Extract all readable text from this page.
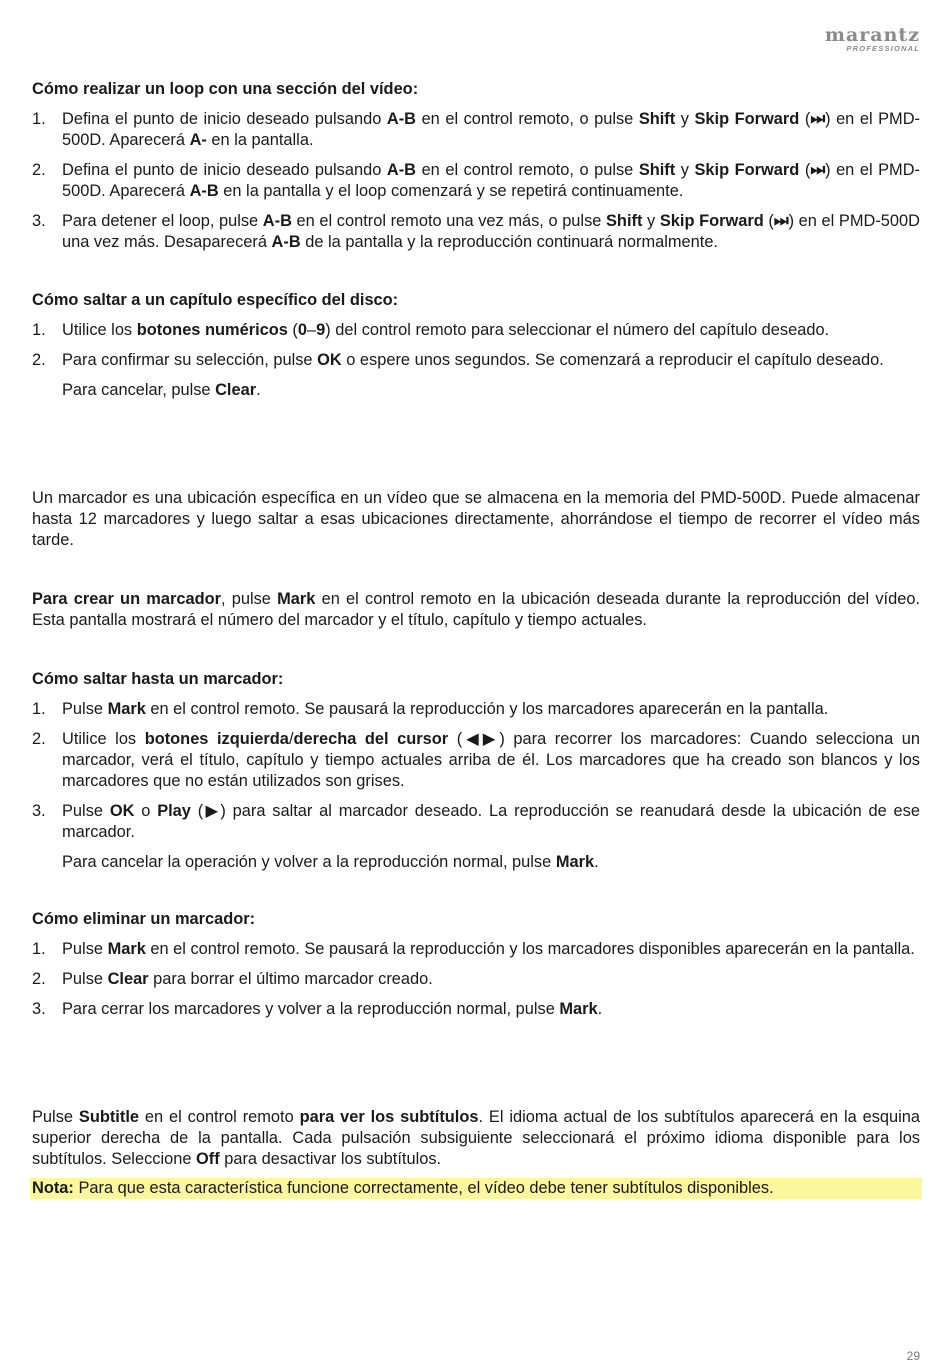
marantz
PROFESSIONAL
Cómo realizar un loop con una sección del vídeo:
1. Defina el punto de inicio deseado pulsando A-B en el control remoto, o pulse Shift y Skip Forward (⏭) en el PMD-500D. Aparecerá A- en la pantalla.
2. Defina el punto de inicio deseado pulsando A-B en el control remoto, o pulse Shift y Skip Forward (⏭) en el PMD-500D. Aparecerá A-B en la pantalla y el loop comenzará y se repetirá continuamente.
3. Para detener el loop, pulse A-B en el control remoto una vez más, o pulse Shift y Skip Forward (⏭) en el PMD-500D una vez más. Desaparecerá A-B de la pantalla y la reproducción continuará normalmente.
Cómo saltar a un capítulo específico del disco:
1. Utilice los botones numéricos (0–9) del control remoto para seleccionar el número del capítulo deseado.
2. Para confirmar su selección, pulse OK o espere unos segundos. Se comenzará a reproducir el capítulo deseado.

Para cancelar, pulse Clear.

Un marcador es una ubicación específica en un vídeo que se almacena en la memoria del PMD-500D. Puede almacenar hasta 12 marcadores y luego saltar a esas ubicaciones directamente, ahorrándose el tiempo de recorrer el vídeo más tarde.

Para crear un marcador, pulse Mark en el control remoto en la ubicación deseada durante la reproducción del vídeo. Esta pantalla mostrará el número del marcador y el título, capítulo y tiempo actuales.

Cómo saltar hasta un marcador:
1. Pulse Mark en el control remoto. Se pausará la reproducción y los marcadores aparecerán en la pantalla.
2. Utilice los botones izquierda/derecha del cursor (◀▶) para recorrer los marcadores: Cuando selecciona un marcador, verá el título, capítulo y tiempo actuales arriba de él. Los marcadores que ha creado son blancos y los marcadores que no están utilizados son grises.
3. Pulse OK o Play (▶) para saltar al marcador deseado. La reproducción se reanudará desde la ubicación de ese marcador.

Para cancelar la operación y volver a la reproducción normal, pulse Mark.

Cómo eliminar un marcador:
1. Pulse Mark en el control remoto. Se pausará la reproducción y los marcadores disponibles aparecerán en la pantalla.
2. Pulse Clear para borrar el último marcador creado.
3. Para cerrar los marcadores y volver a la reproducción normal, pulse Mark.

Pulse Subtitle en el control remoto para ver los subtítulos. El idioma actual de los subtítulos aparecerá en la esquina superior derecha de la pantalla. Cada pulsación subsiguiente seleccionará el próximo idioma disponible para los subtítulos. Seleccione Off para desactivar los subtítulos.

Nota: Para que esta característica funcione correctamente, el vídeo debe tener subtítulos disponibles.

29
